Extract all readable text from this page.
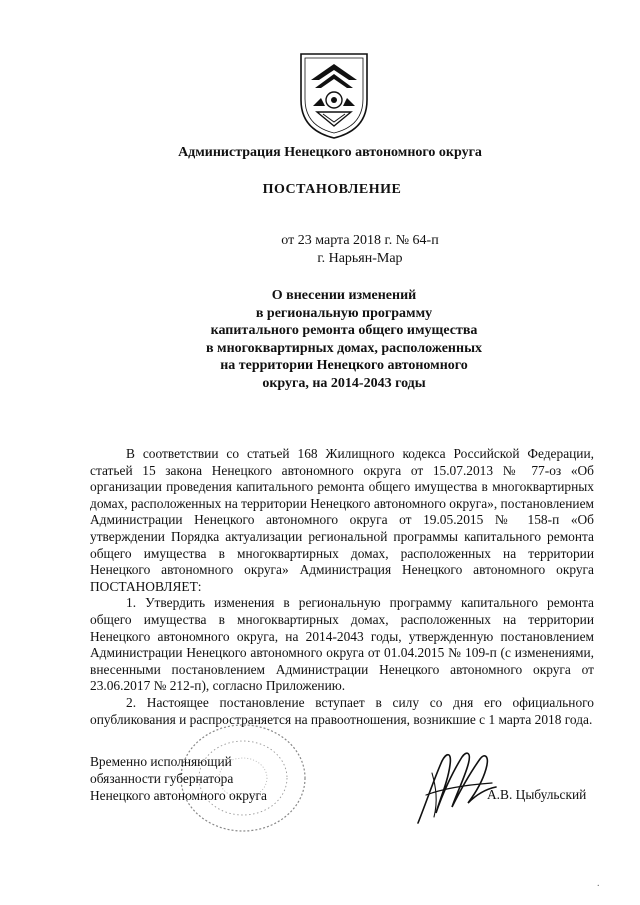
Администрация Ненецкого автономного округа
ПОСТАНОВЛЕНИЕ
от 23 марта 2018 г. № 64-п
г. Нарьян-Мар
О внесении изменений
в региональную программу
капитального ремонта общего имущества
в многоквартирных домах, расположенных
на территории Ненецкого автономного
округа, на 2014-2043 годы

В соответствии со статьей 168 Жилищного кодекса Российской Федерации, статьей 15 закона Ненецкого автономного округа от 15.07.2013 № 77-оз «Об организации проведения капитального ремонта общего имущества в многоквартирных домах, расположенных на территории Ненецкого автономного округа», постановлением Администрации Ненецкого автономного округа от 19.05.2015 № 158-п «Об утверждении Порядка актуализации региональной программы капитального ремонта общего имущества в многоквартирных домах, расположенных на территории Ненецкого автономного округа» Администрация Ненецкого автономного округа ПОСТАНОВЛЯЕТ:

1. Утвердить изменения в региональную программу капитального ремонта общего имущества в многоквартирных домах, расположенных на территории Ненецкого автономного округа, на 2014-2043 годы, утвержденную постановлением Администрации Ненецкого автономного округа от 01.04.2015 № 109-п (с изменениями, внесенными постановлением Администрации Ненецкого автономного округа от 23.06.2017 № 212-п), согласно Приложению.

2. Настоящее постановление вступает в силу со дня его официального опубликования и распространяется на правоотношения, возникшие с 1 марта 2018 года.

Временно исполняющий
обязанности губернатора
Ненецкого автономного округа	А.В. Цыбульский
.
